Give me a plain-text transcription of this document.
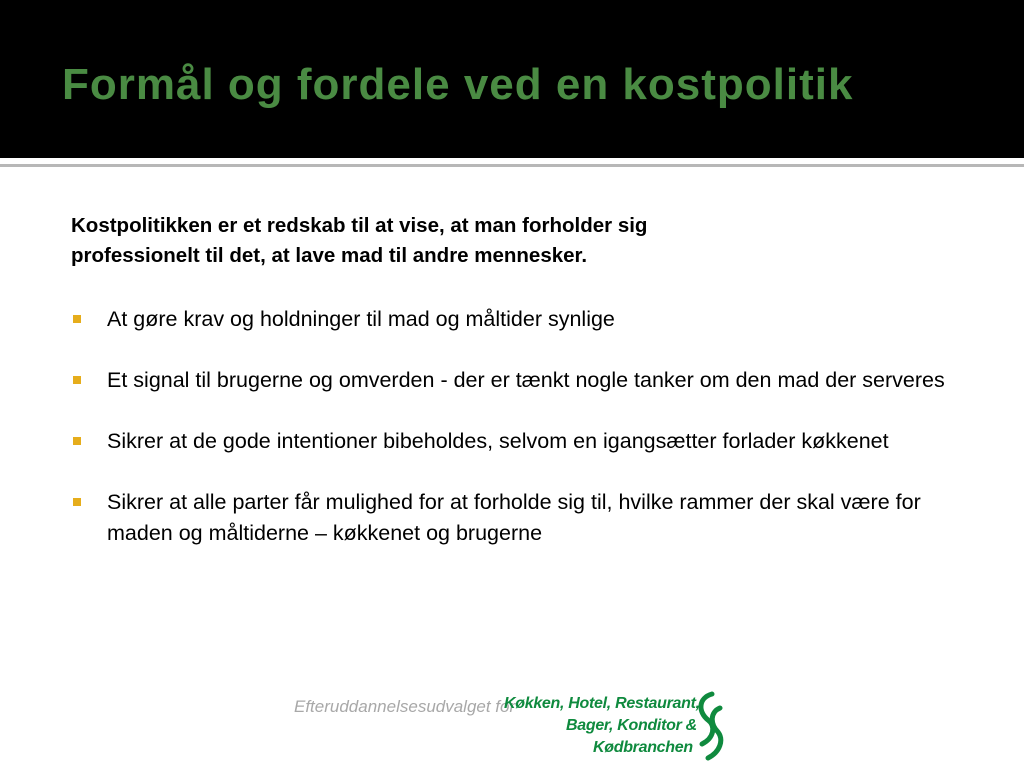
Formål og fordele ved en kostpolitik

Kostpolitikken er et redskab til at vise, at man forholder sig
professionelt til det, at lave mad til andre mennesker.

At gøre krav og holdninger til mad og måltider synlige
Et signal til brugerne og omverden - der er tænkt nogle tanker om den mad der serveres
Sikrer at de gode intentioner bibeholdes, selvom en igangsætter forlader køkkenet
Sikrer at alle parter får mulighed for at forholde sig til, hvilke rammer der skal være for maden og måltiderne – køkkenet og brugerne
Efteruddannelsesudvalget for
Køkken, Hotel, Restaurant,
Bager, Konditor &
Kødbranchen
